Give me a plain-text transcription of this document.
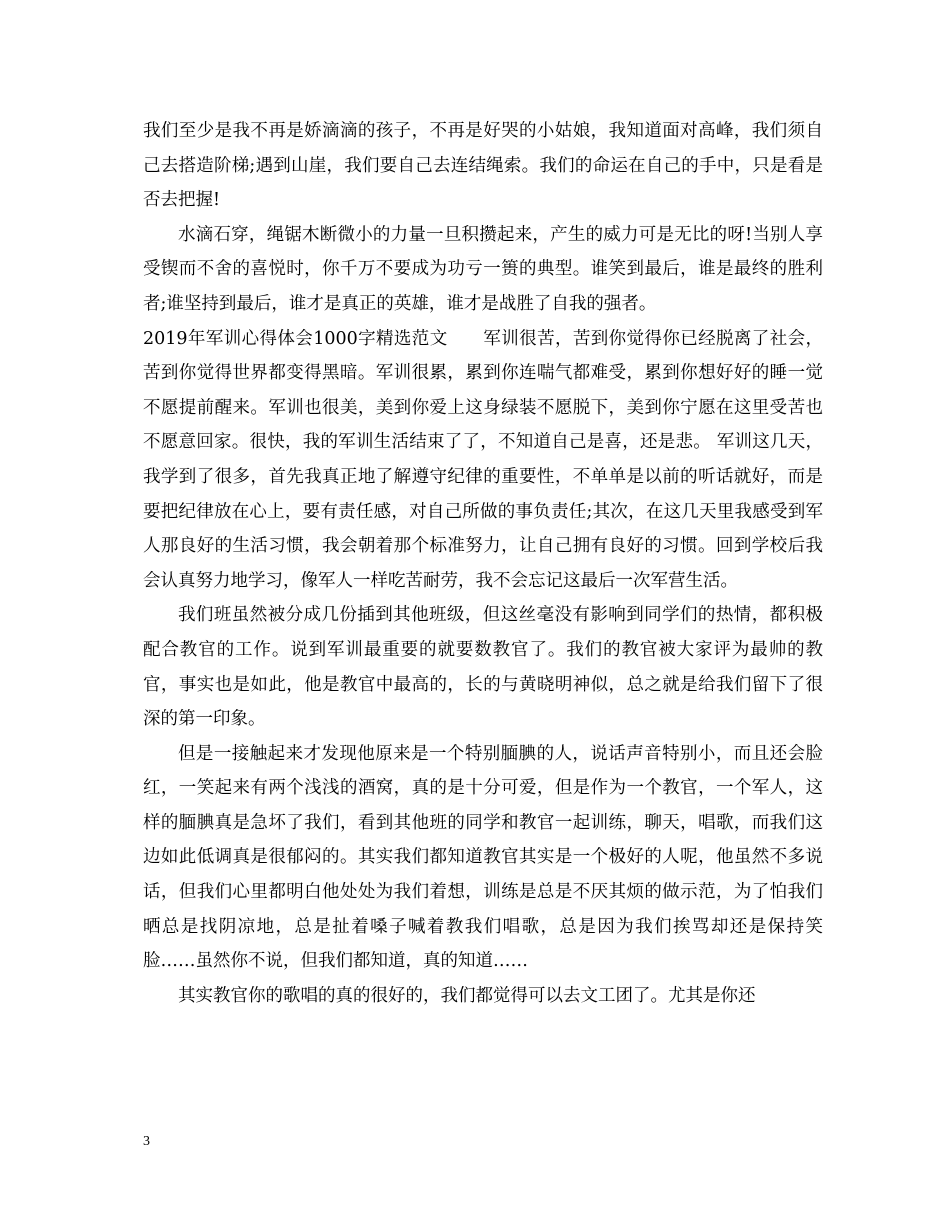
我们至少是我不再是娇滴滴的孩子，不再是好哭的小姑娘，我知道面对高峰，我们须自己去搭造阶梯;遇到山崖，我们要自己去连结绳索。我们的命运在自己的手中，只是看是否去把握!

水滴石穿，绳锯木断微小的力量一旦积攒起来，产生的威力可是无比的呀!当别人享受锲而不舍的喜悦时，你千万不要成为功亏一篑的典型。谁笑到最后，谁是最终的胜利者;谁坚持到最后，谁才是真正的英雄，谁才是战胜了自我的强者。

2019年军训心得体会1000字精选范文　　军训很苦，苦到你觉得你已经脱离了社会，苦到你觉得世界都变得黑暗。军训很累，累到你连喘气都难受，累到你想好好的睡一觉不愿提前醒来。军训也很美，美到你爱上这身绿装不愿脱下，美到你宁愿在这里受苦也不愿意回家。很快，我的军训生活结束了了，不知道自己是喜，还是悲。 军训这几天，我学到了很多，首先我真正地了解遵守纪律的重要性，不单单是以前的听话就好，而是要把纪律放在心上，要有责任感，对自己所做的事负责任;其次，在这几天里我感受到军人那良好的生活习惯，我会朝着那个标准努力，让自己拥有良好的习惯。回到学校后我会认真努力地学习，像军人一样吃苦耐劳，我不会忘记这最后一次军营生活。

我们班虽然被分成几份插到其他班级，但这丝毫没有影响到同学们的热情，都积极配合教官的工作。说到军训最重要的就要数教官了。我们的教官被大家评为最帅的教官，事实也是如此，他是教官中最高的，长的与黄晓明神似，总之就是给我们留下了很深的第一印象。

但是一接触起来才发现他原来是一个特别腼腆的人，说话声音特别小，而且还会脸红，一笑起来有两个浅浅的酒窝，真的是十分可爱，但是作为一个教官，一个军人，这样的腼腆真是急坏了我们，看到其他班的同学和教官一起训练，聊天，唱歌，而我们这边如此低调真是很郁闷的。其实我们都知道教官其实是一个极好的人呢，他虽然不多说话，但我们心里都明白他处处为我们着想，训练是总是不厌其烦的做示范，为了怕我们晒总是找阴凉地，总是扯着嗓子喊着教我们唱歌，总是因为我们挨骂却还是保持笑脸……虽然你不说，但我们都知道，真的知道……

其实教官你的歌唱的真的很好的，我们都觉得可以去文工团了。尤其是你还

3
